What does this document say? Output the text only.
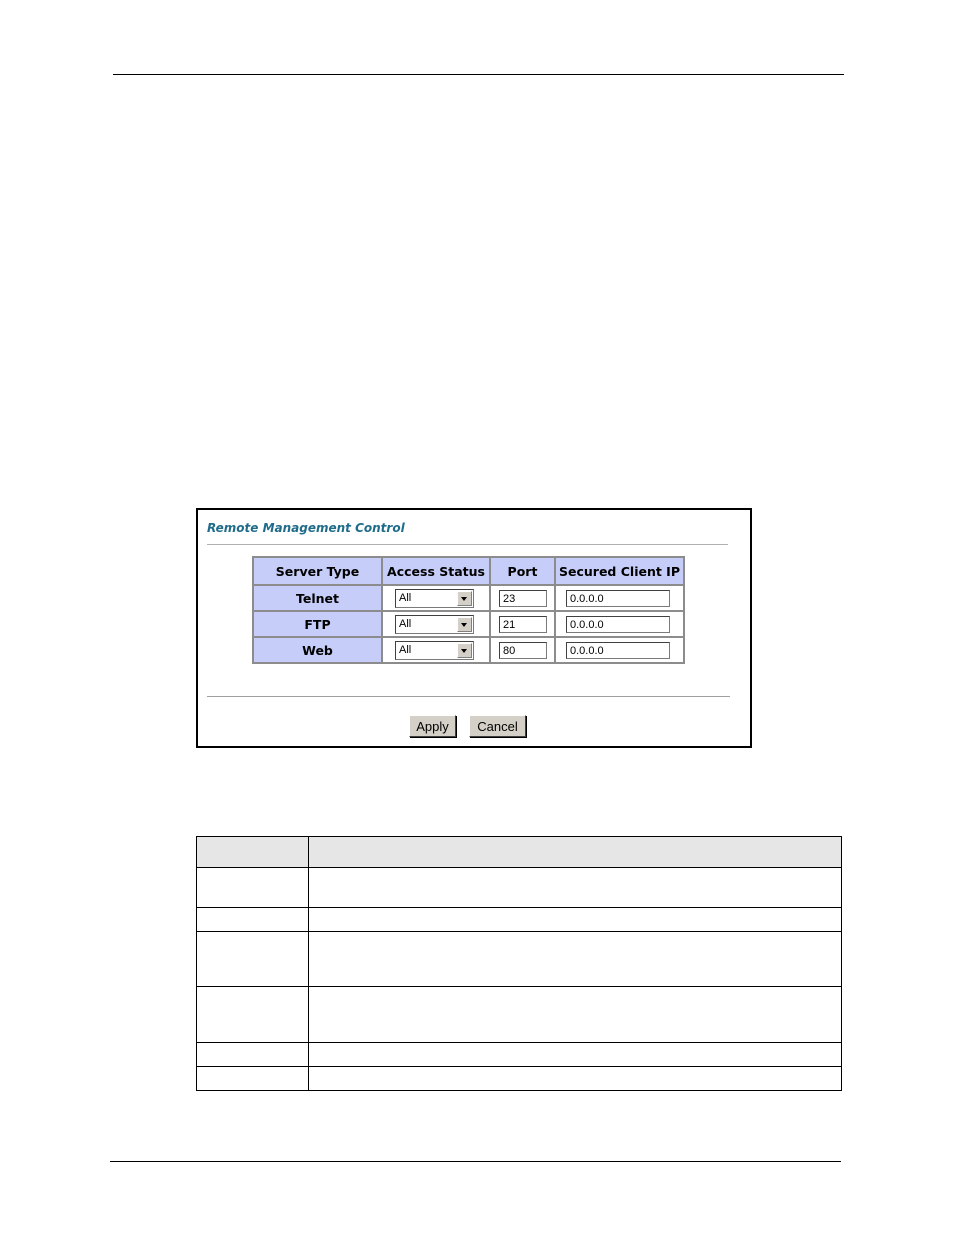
Remote Management Control
Server Type	Access Status	Port	Secured Client IP
Telnet	All	23	0.0.0.0

FTP	All	21	0.0.0.0

Web	All	80	0.0.0.0
Apply	Cancel
